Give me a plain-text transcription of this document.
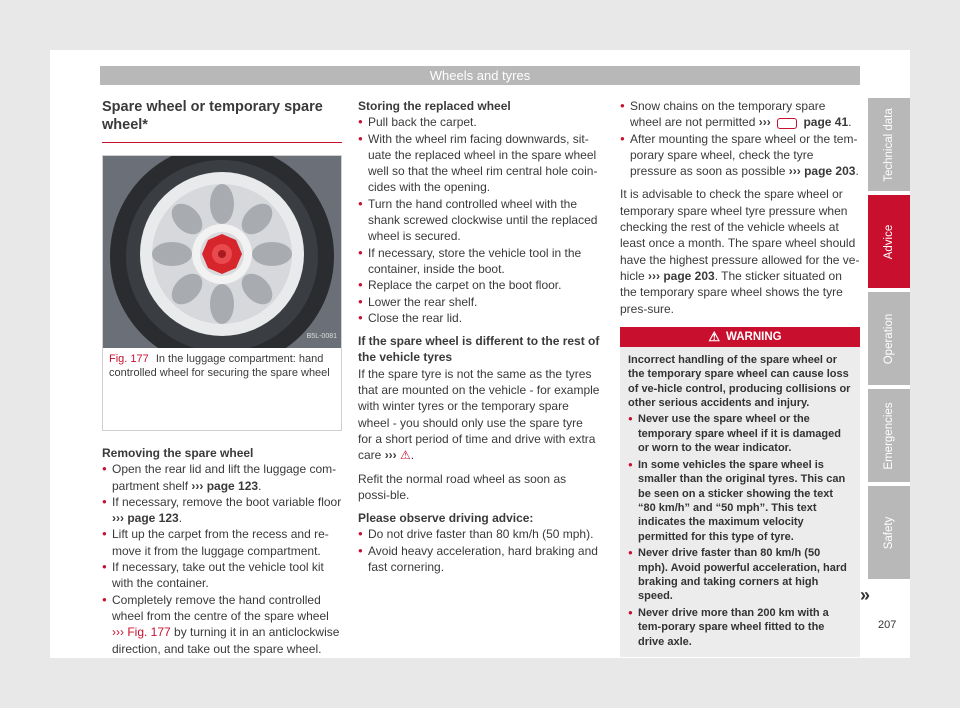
Wheels and tyres
Spare wheel or temporary spare wheel*
B5L-0081
Fig. 177 In the luggage compartment: hand controlled wheel for securing the spare wheel
Removing the spare wheel
● Open the rear lid and lift the luggage com-partment shelf ››› page 123.
● If necessary, remove the boot variable floor ››› page 123.
● Lift up the carpet from the recess and re-move it from the luggage compartment.
● If necessary, take out the vehicle tool kit with the container.
● Completely remove the hand controlled wheel from the centre of the spare wheel ››› Fig. 177 by turning it in an anticlockwise direction, and take out the spare wheel.
Storing the replaced wheel
● Pull back the carpet.
● With the wheel rim facing downwards, sit-uate the replaced wheel in the spare wheel well so that the wheel rim central hole coin-cides with the opening.
● Turn the hand controlled wheel with the shank screwed clockwise until the replaced wheel is secured.
● If necessary, store the vehicle tool in the container, inside the boot.
● Replace the carpet on the boot floor.
● Lower the rear shelf.
● Close the rear lid.
If the spare wheel is different to the rest of the vehicle tyres
If the spare tyre is not the same as the tyres that are mounted on the vehicle - for example with winter tyres or the temporary spare wheel - you should only use the spare tyre for a short period of time and drive with extra care ››› ⚠.
Refit the normal road wheel as soon as possi-ble.
Please observe driving advice:
● Do not drive faster than 80 km/h (50 mph).
● Avoid heavy acceleration, hard braking and fast cornering.
● Snow chains on the temporary spare wheel are not permitted ›››	page 41.
● After mounting the spare wheel or the tem-porary spare wheel, check the tyre pressure as soon as possible ››› page 203.
It is advisable to check the spare wheel or temporary spare wheel tyre pressure when checking the rest of the vehicle wheels at least once a month. The spare wheel should have the highest pressure allowed for the ve-hicle ››› page 203. The sticker situated on the temporary spare wheel shows the tyre pres-sure.
⚠ WARNING
Incorrect handling of the spare wheel or the temporary spare wheel can cause loss of ve-hicle control, producing collisions or other serious accidents and injury.
● Never use the spare wheel or the temporary spare wheel if it is damaged or worn to the wear indicator.
● In some vehicles the spare wheel is smaller than the original tyres. This can be seen on a sticker showing the text “80 km/h” and “50 mph”. This text indicates the maximum velocity permitted for this type of tyre.
● Never drive faster than 80 km/h (50 mph). Avoid powerful acceleration, hard braking and taking corners at high speed.
● Never drive more than 200 km with a tem-porary spare wheel fitted to the drive axle.
»
207
Technical data
Advice
Operation
Emergencies
Safety
